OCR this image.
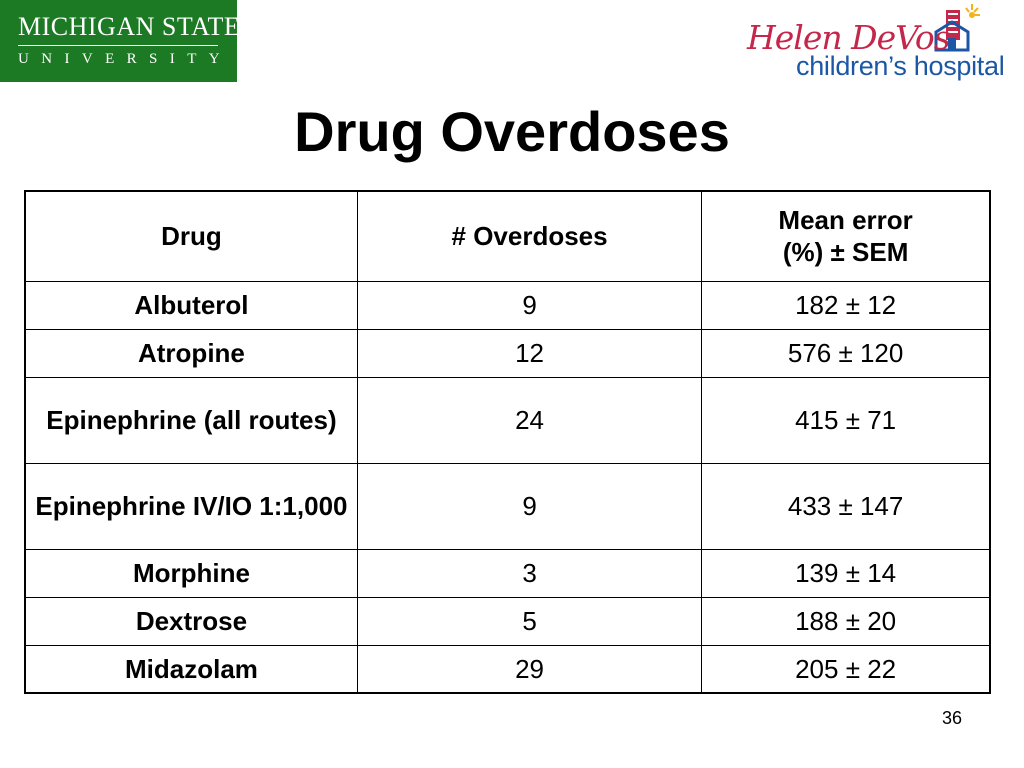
MICHIGAN STATE
UNIVERSITY
Helen DeVos
children’s hospital
Drug Overdoses
Drug	# Overdoses	Mean error
(%) ± SEM
Albuterol	9	182 ± 12
Atropine	12	576 ± 120
Epinephrine (all routes)	24	415 ± 71
Epinephrine IV/IO 1:1,000	9	433 ± 147
Morphine	3	139 ± 14
Dextrose	5	188 ± 20
Midazolam	29	205 ± 22
36
